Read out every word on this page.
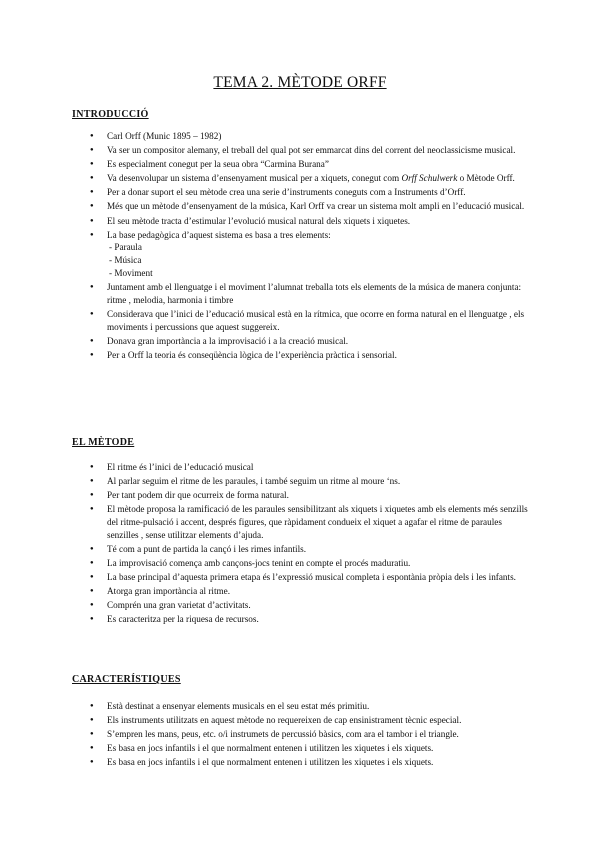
TEMA 2. MÈTODE ORFF
INTRODUCCIÓ
● Carl Orff (Munic 1895 – 1982)
● Va ser un compositor alemany, el treball del qual pot ser emmarcat dins del corrent del neoclassicisme musical.
● Es especialment conegut per la seua obra “Carmina Burana”
● Va desenvolupar un sistema d’ensenyament musical per a xiquets, conegut com Orff Schulwerk o Mètode Orff.
● Per a donar suport el seu mètode crea una serie d’instruments coneguts com a Instruments d’Orff.
● Més que un mètode d’ensenyament de la música, Karl Orff va crear un sistema molt ampli en l’educació musical.
● El seu mètode tracta d’estimular l’evolució musical natural dels xiquets i xiquetes.
● La base pedagògica d’aquest sistema es basa a tres elements:
- Paraula
- Música
- Moviment
● Juntament amb el llenguatge i el moviment l’alumnat treballa tots els elements de la música de manera conjunta: ritme , melodia, harmonia i timbre
● Considerava que l’inici de l’educació musical està en la rítmica, que ocorre en forma natural en el llenguatge , els moviments i percussions que aquest suggereix.
● Donava gran importància a la improvisació i a la creació musical.
● Per a Orff la teoria és conseqüència lògica de l’experiència pràctica i sensorial.
EL MÈTODE
● El ritme és l’inici de l’educació musical
● Al parlar seguim el ritme de les paraules, i també seguim un ritme al moure ‘ns.
● Per tant podem dir que ocurreix de forma natural.
● El mètode proposa la ramificació de les paraules sensibilitzant als xiquets i xiquetes amb els elements més senzills del ritme-pulsació i accent, després figures, que ràpidament condueix el xiquet a agafar el ritme de paraules senzilles , sense utilitzar elements d’ajuda.
● Té com a punt de partida la cançó i les rimes infantils.
● La improvisació comença amb cançons-jocs tenint en compte el procés maduratiu.
● La base principal d’aquesta primera etapa és l’expressió musical completa i espontània pròpia dels i les infants.
● Atorga gran importància al ritme.
● Comprén una gran varietat d’activitats.
● Es caracteritza per la riquesa de recursos.
CARACTERÍSTIQUES
● Està destinat a ensenyar elements musicals en el seu estat més primitiu.
● Els instruments utilitzats en aquest mètode no requereixen de cap ensinistrament tècnic especial.
● S’empren les mans, peus, etc. o/i instrumets de percussió bàsics, com ara el tambor i el triangle.
● Es basa en jocs infantils i el que normalment entenen i utilitzen les xiquetes i els xiquets.
● Es basa en jocs infantils i el que normalment entenen i utilitzen les xiquetes i els xiquets.
